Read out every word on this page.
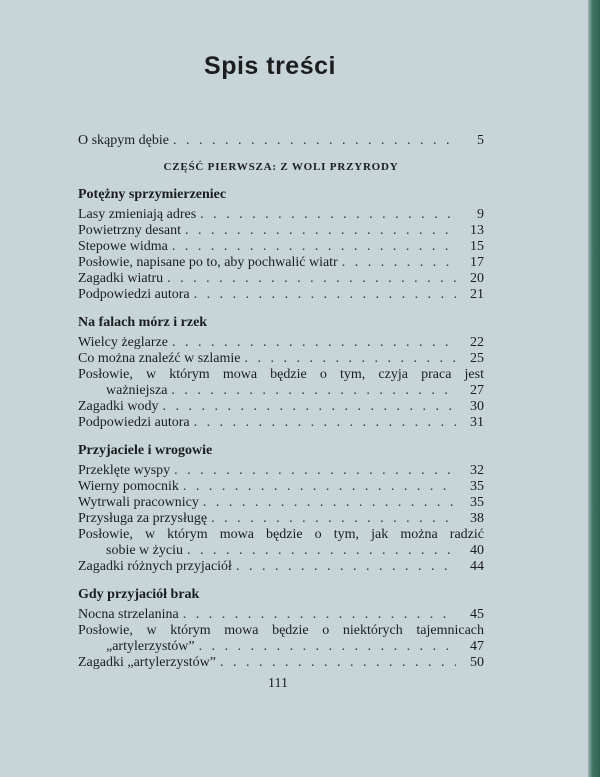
Spis treści
O skąpym dębie . . .	5
CZĘŚĆ PIERWSZA: Z WOLI PRZYRODY
Potężny sprzymierzeniec
Lasy zmieniają adres . . .	9
Powietrzny desant . . .	13
Stepowe widma . . .	15
Posłowie, napisane po to, aby pochwalić wiatr . . .	17
Zagadki wiatru . . .	20
Podpowiedzi autora . . .	21
Na falach mórz i rzek
Wielcy żeglarze . . .	22
Co można znaleźć w szlamie . . .	25
Posłowie, w którym mowa będzie o tym, czyja praca jest
ważniejsza . . .	27
Zagadki wody . . .	30
Podpowiedzi autora . . .	31
Przyjaciele i wrogowie
Przeklęte wyspy . . .	32
Wierny pomocnik . . .	35
Wytrwali pracownicy . . .	35
Przysługa za przysługę . . .	38
Posłowie, w którym mowa będzie o tym, jak można radzić
sobie w życiu . . .	40
Zagadki różnych przyjaciół . . .	44
Gdy przyjaciół brak
Nocna strzelanina . . .	45
Posłowie, w którym mowa będzie o niektórych tajemnicach
„artylerzystów” . . .	47
Zagadki „artylerzystów” . . .	50
111
